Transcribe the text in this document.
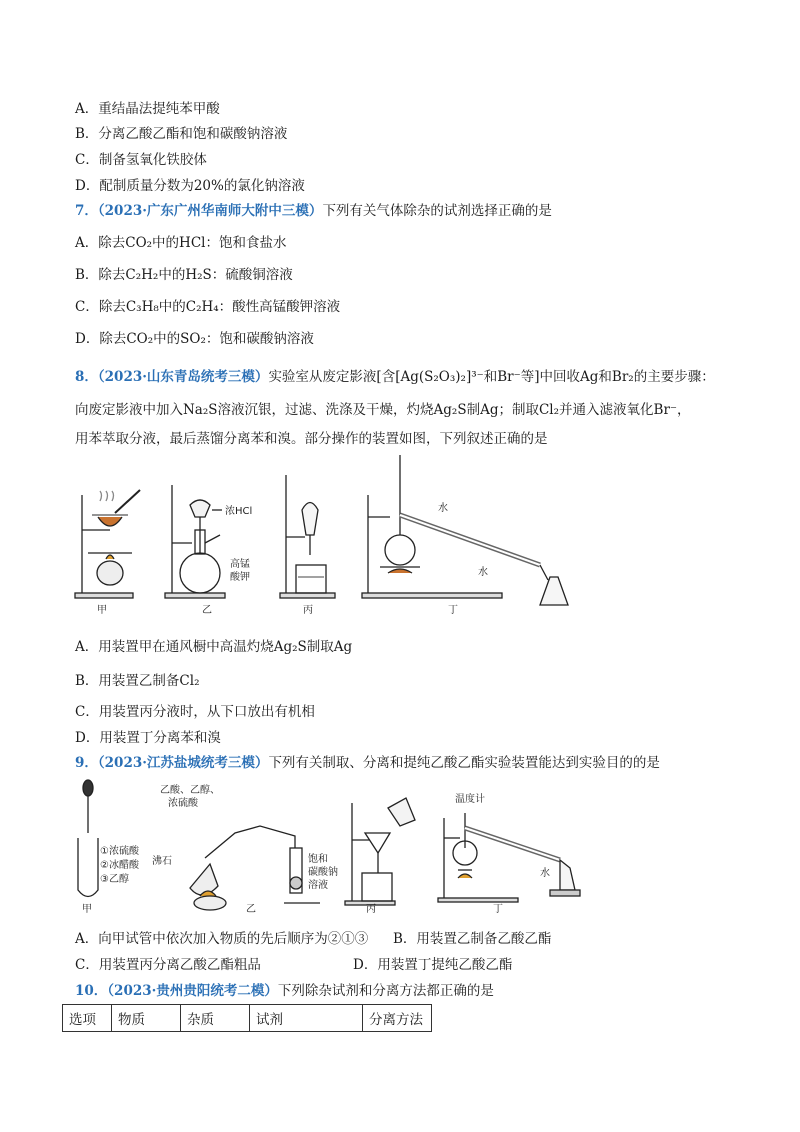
A．重结晶法提纯苯甲酸
B．分离乙酸乙酯和饱和碳酸钠溶液
C．制备氢氧化铁胶体
D．配制质量分数为20%的氯化钠溶液
7．（2023·广东广州华南师大附中三模）下列有关气体除杂的试剂选择正确的是
A．除去CO₂中的HCl：饱和食盐水
B．除去C₂H₂中的H₂S：硫酸铜溶液
C．除去C₃H₈中的C₂H₄：酸性高锰酸钾溶液
D．除去CO₂中的SO₂：饱和碳酸钠溶液
8．（2023·山东青岛统考三模）实验室从废定影液[含[Ag(S₂O₃)₂]³⁻和Br⁻等]中回收Ag和Br₂的主要步骤：
向废定影液中加入Na₂S溶液沉银，过滤、洗涤及干燥，灼烧Ag₂S制Ag；制取Cl₂并通入滤液氧化Br⁻，
用苯萃取分液，最后蒸馏分离苯和溴。部分操作的装置如图，下列叙述正确的是
浓HCl
高锰
酸钾
水
水
甲	乙	丙	丁
A．用装置甲在通风橱中高温灼烧Ag₂S制取Ag
B．用装置乙制备Cl₂
C．用装置丙分液时，从下口放出有机相
D．用装置丁分离苯和溴
9．（2023·江苏盐城统考三模）下列有关制取、分离和提纯乙酸乙酯实验装置能达到实验目的的是
①浓硫酸
②冰醋酸
③乙醇
甲
乙酸、乙醇、
浓硫酸
沸石	饱和
碳酸钠
溶液
乙	丙
温度计
水
丁
A．向甲试管中依次加入物质的先后顺序为②①③ B．用装置乙制备乙酸乙酯
C．用装置丙分离乙酸乙酯粗品	D．用装置丁提纯乙酸乙酯
10．（2023·贵州贵阳统考二模）下列除杂试剂和分离方法都正确的是
选项	物质	杂质	试剂	分离方法
